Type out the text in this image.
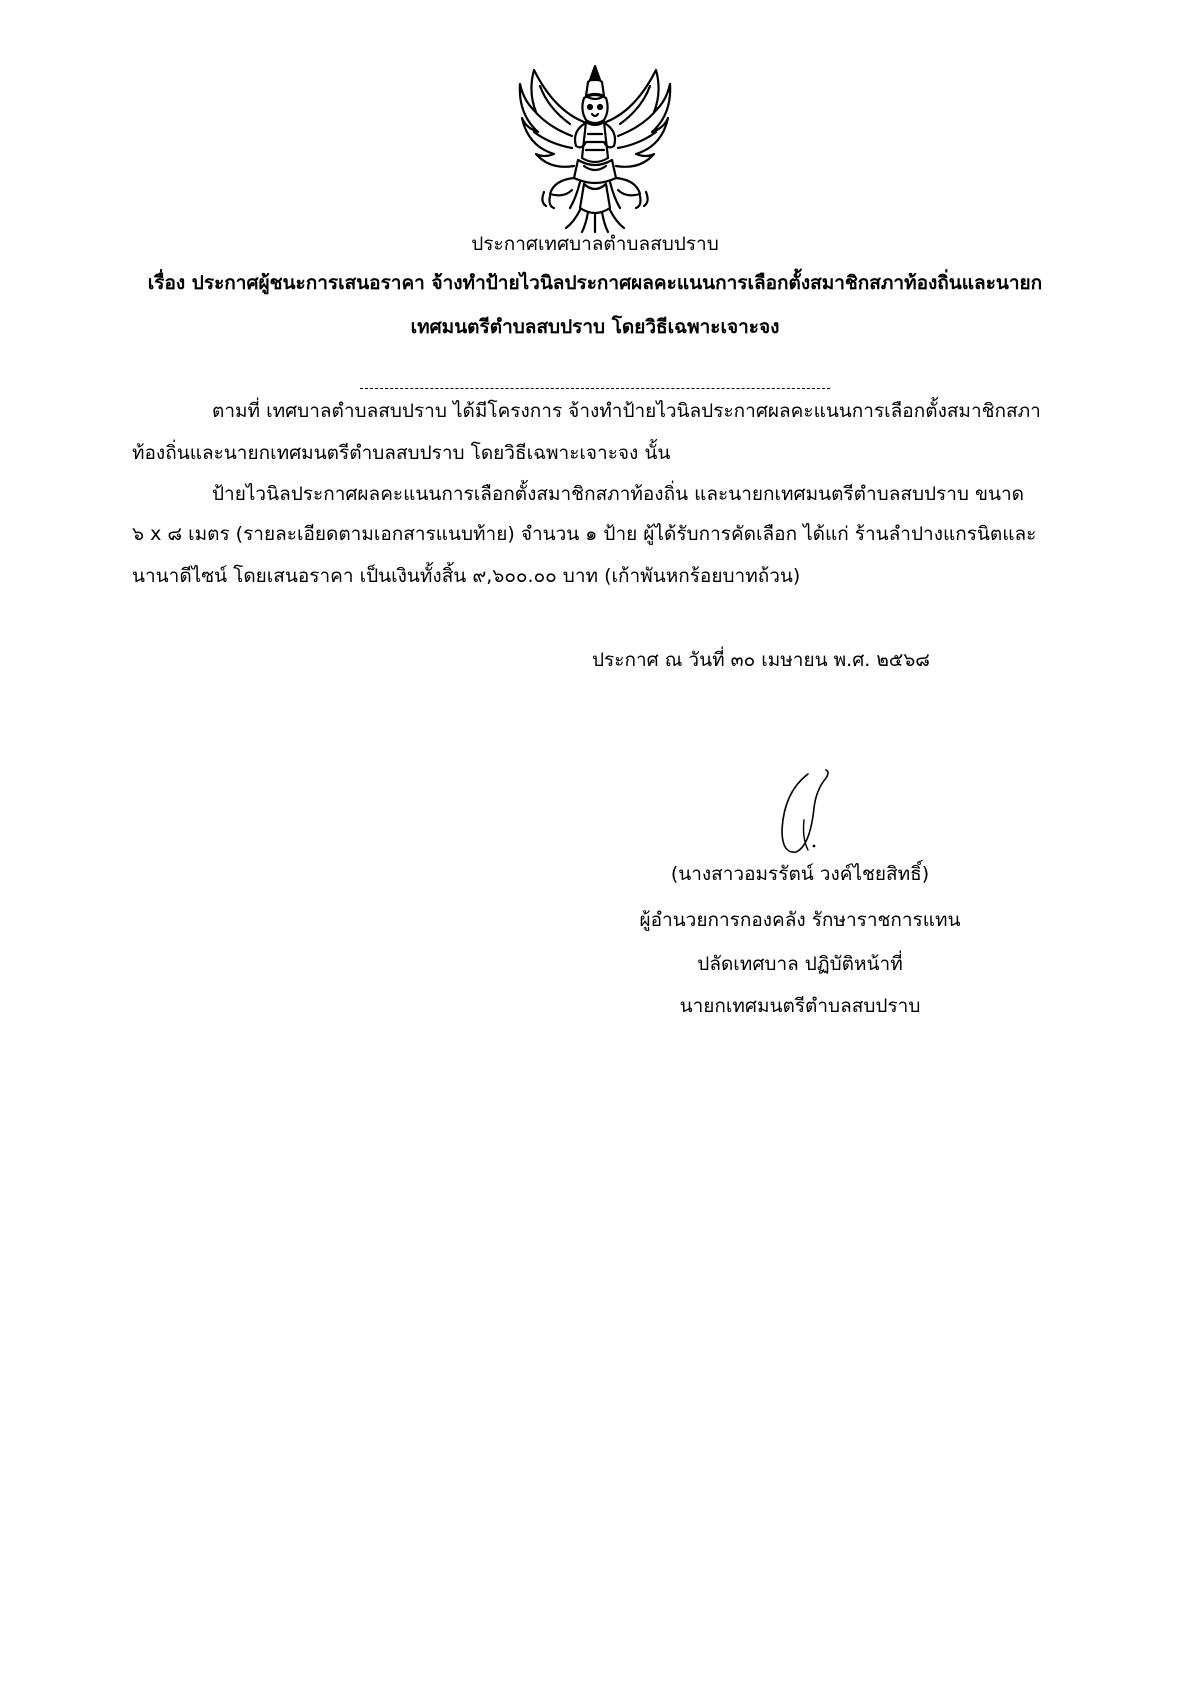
ประกาศเทศบาลตำบลสบปราบ
เรื่อง ประกาศผู้ชนะการเสนอราคา จ้างทำป้ายไวนิลประกาศผลคะแนนการเลือกตั้งสมาชิกสภาท้องถิ่นและนายก
เทศมนตรีตำบลสบปราบ โดยวิธีเฉพาะเจาะจง
ตามที่ เทศบาลตำบลสบปราบ ได้มีโครงการ จ้างทำป้ายไวนิลประกาศผลคะแนนการเลือกตั้งสมาชิกสภา
ท้องถิ่นและนายกเทศมนตรีตำบลสบปราบ โดยวิธีเฉพาะเจาะจง นั้น
ป้ายไวนิลประกาศผลคะแนนการเลือกตั้งสมาชิกสภาท้องถิ่น และนายกเทศมนตรีตำบลสบปราบ ขนาด
๖ x ๘ เมตร (รายละเอียดตามเอกสารแนบท้าย) จำนวน ๑ ป้าย ผู้ได้รับการคัดเลือก ได้แก่ ร้านลำปางแกรนิตและ
นานาดีไซน์ โดยเสนอราคา เป็นเงินทั้งสิ้น ๙,๖๐๐.๐๐ บาท (เก้าพันหกร้อยบาทถ้วน)
ประกาศ ณ วันที่ ๓๐ เมษายน พ.ศ. ๒๕๖๘
(นางสาวอมรรัตน์ วงค์ไชยสิทธิ์)
ผู้อำนวยการกองคลัง รักษาราชการแทน
ปลัดเทศบาล ปฏิบัติหน้าที่
นายกเทศมนตรีตำบลสบปราบ
